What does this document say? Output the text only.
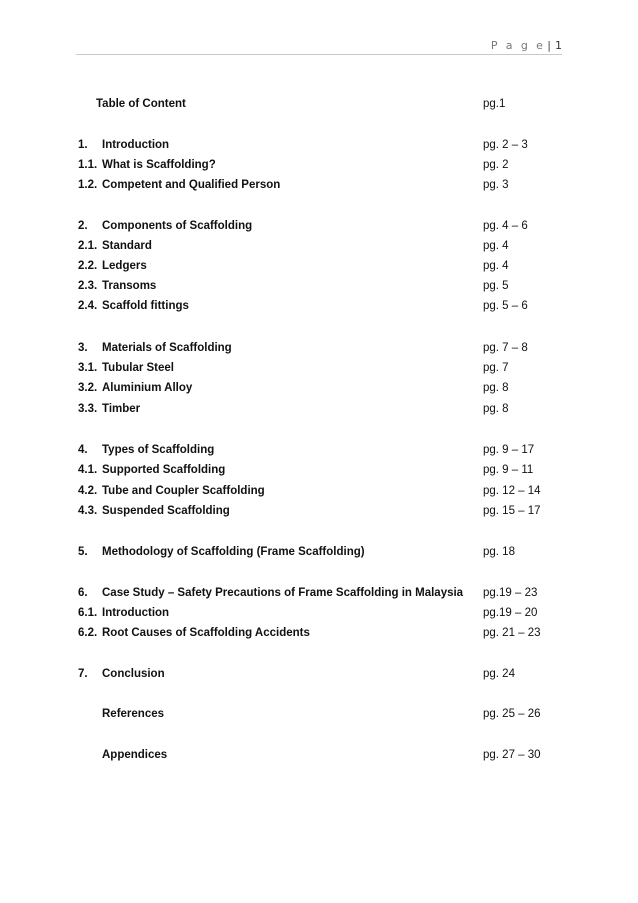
P a g e | 1
Table of Content	pg.1
1. Introduction	pg. 2 – 3
1.1. What is Scaffolding?	pg. 2
1.2. Competent and Qualified Person	pg. 3
2. Components of Scaffolding	pg. 4 – 6
2.1. Standard	pg. 4
2.2. Ledgers	pg. 4
2.3. Transoms	pg. 5
2.4. Scaffold fittings	pg. 5 – 6
3. Materials of Scaffolding	pg. 7 – 8
3.1. Tubular Steel	pg. 7
3.2. Aluminium Alloy	pg. 8
3.3. Timber	pg. 8
4. Types of Scaffolding	pg. 9 – 17
4.1. Supported Scaffolding	pg. 9 – 11
4.2. Tube and Coupler Scaffolding	pg. 12 – 14
4.3. Suspended Scaffolding	pg. 15 – 17
5. Methodology of Scaffolding (Frame Scaffolding)	pg. 18
6. Case Study – Safety Precautions of Frame Scaffolding in Malaysia pg.19 – 23
6.1. Introduction	pg.19 – 20
6.2. Root Causes of Scaffolding Accidents	pg. 21 – 23
7. Conclusion	pg. 24
References	pg. 25 – 26
Appendices	pg. 27 – 30
